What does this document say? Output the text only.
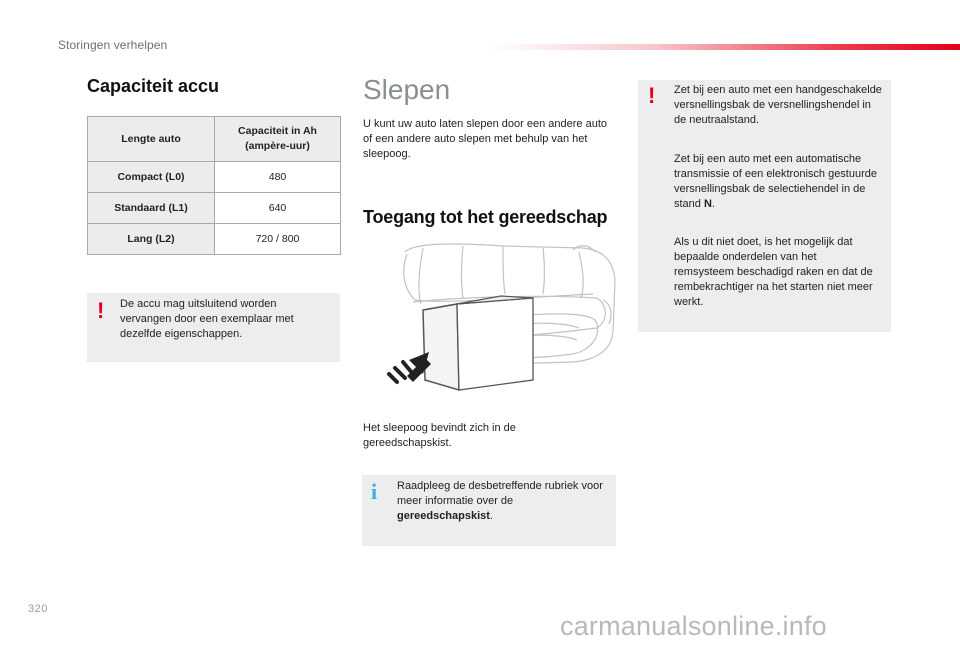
Storingen verhelpen
Capaciteit accu
Lengte auto	Capaciteit in Ah (ampère-uur)

Compact (L0)	480
Standaard (L1)	640
Lang (L2)	720 / 800
! De accu mag uitsluitend worden vervangen door een exemplaar met dezelfde eigenschappen.
Slepen
U kunt uw auto laten slepen door een andere auto of een andere auto slepen met behulp van het sleepoog.
Toegang tot het gereedschap
Het sleepoog bevindt zich in de gereedschapskist.
i Raadpleeg de desbetreffende rubriek voor meer informatie over de gereedschapskist.
! Zet bij een auto met een handgeschakelde versnellingsbak de versnellingshendel in de neutraalstand.
Zet bij een auto met een automatische transmissie of een elektronisch gestuurde versnellingsbak de selectiehendel in de stand N.
Als u dit niet doet, is het mogelijk dat bepaalde onderdelen van het remsysteem beschadigd raken en dat de rembekrachtiger na het starten niet meer werkt.
320
carmanualsonline.info
